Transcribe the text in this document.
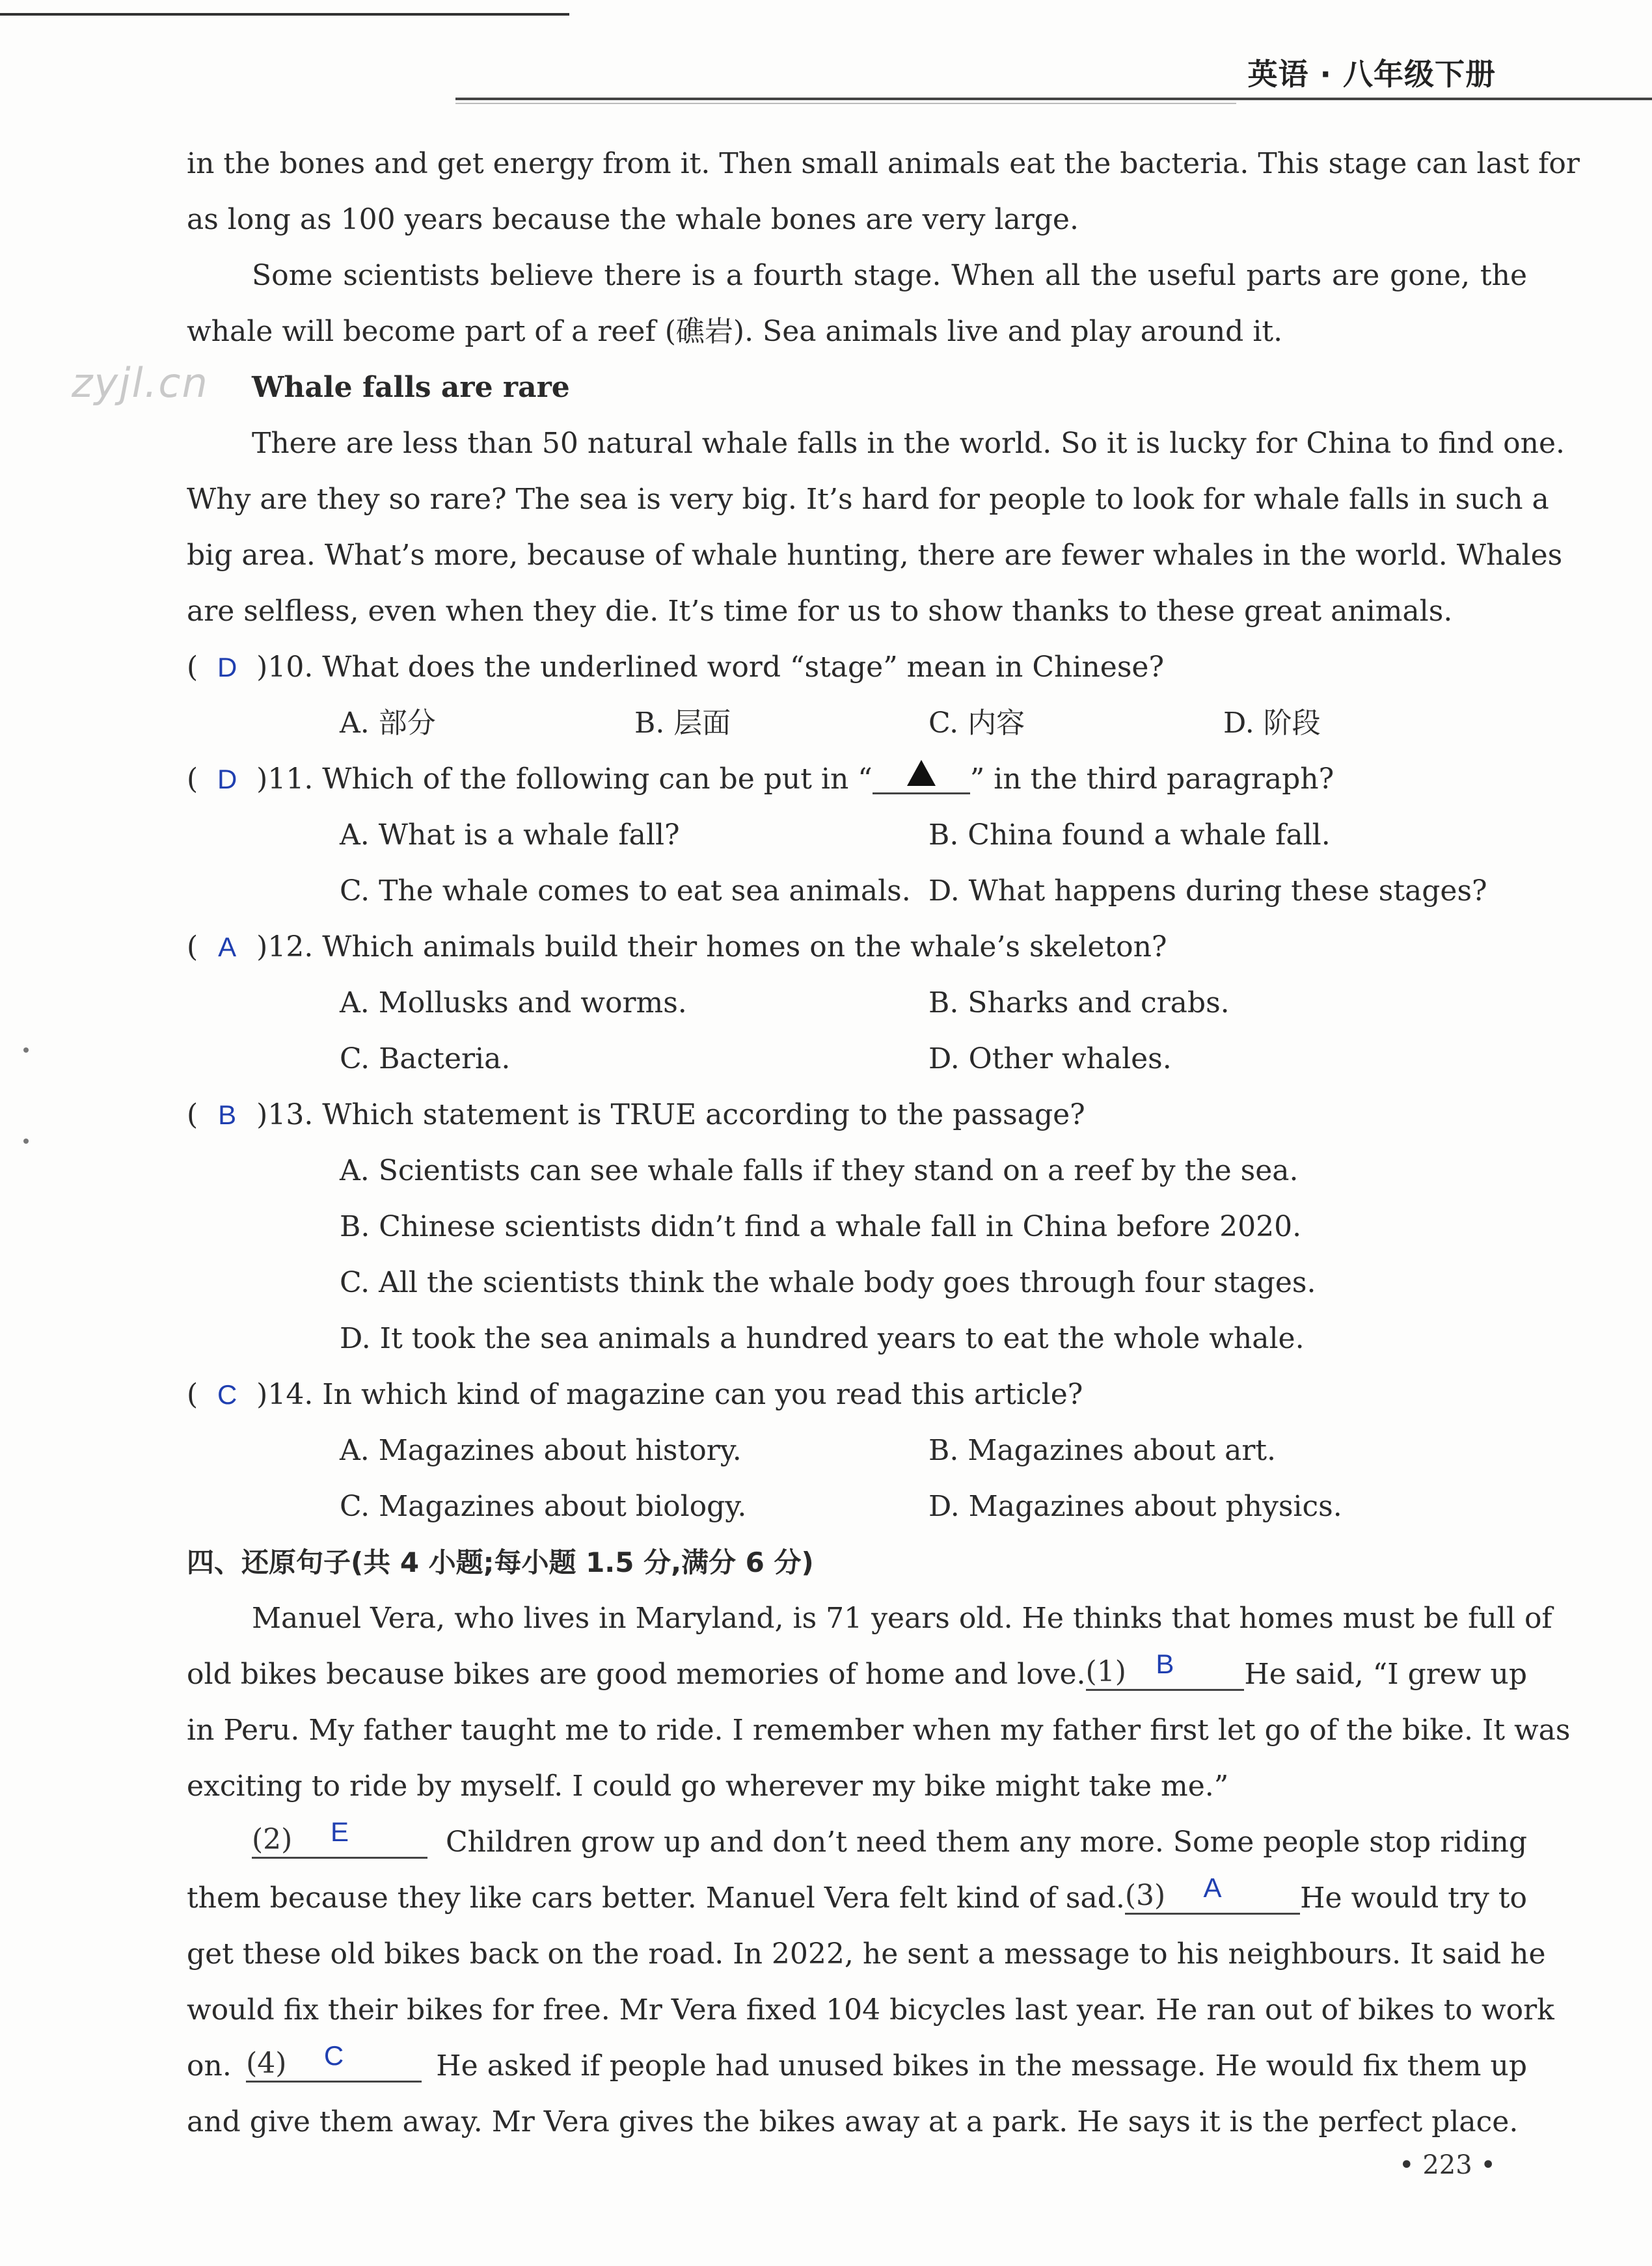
英语 · 八年级下册
zyjl.cn
in the bones and get energy from it. Then small animals eat the bacteria. This stage can last for
as long as 100 years because the whale bones are very large.
Some scientists believe there is a fourth stage. When all the useful parts are gone, the
whale will become part of a reef (礁岩). Sea animals live and play around it.
Whale falls are rare
There are less than 50 natural whale falls in the world. So it is lucky for China to find one.
Why are they so rare? The sea is very big. It’s hard for people to look for whale falls in such a
big area. What’s more, because of whale hunting, there are fewer whales in the world. Whales
are selfless, even when they die. It’s time for us to show thanks to these great animals.
( D )10. What does the underlined word “stage” mean in Chinese?
A. 部分	B. 层面	C. 内容	D. 阶段
( D )11. Which of the following can be put in “	” in the third paragraph?
A. What is a whale fall?	B. China found a whale fall.
C. The whale comes to eat sea animals. D. What happens during these stages?
( A )12. Which animals build their homes on the whale’s skeleton?
A. Mollusks and worms.	B. Sharks and crabs.
C. Bacteria.	D. Other whales.
( B )13. Which statement is TRUE according to the passage?
A. Scientists can see whale falls if they stand on a reef by the sea.
B. Chinese scientists didn’t find a whale fall in China before 2020.
C. All the scientists think the whale body goes through four stages.
D. It took the sea animals a hundred years to eat the whole whale.
( C )14. In which kind of magazine can you read this article?
A. Magazines about history.	B. Magazines about art.
C. Magazines about biology.	D. Magazines about physics.
四、还原句子(共 4 小题;每小题 1.5 分,满分 6 分)
Manuel Vera, who lives in Maryland, is 71 years old. He thinks that homes must be full of
old bikes because bikes are good memories of home and love. (1)	B	He said, “I grew up
in Peru. My father taught me to ride. I remember when my father first let go of the bike. It was
exciting to ride by myself. I could go wherever my bike might take me.”
(2)	E	Children grow up and don’t need them any more. Some people stop riding
them because they like cars better. Manuel Vera felt kind of sad. (3)	A	He would try to
get these old bikes back on the road. In 2022, he sent a message to his neighbours. It said he
would fix their bikes for free. Mr Vera fixed 104 bicycles last year. He ran out of bikes to work
on. (4)	C	He asked if people had unused bikes in the message. He would fix them up
and give them away. Mr Vera gives the bikes away at a park. He says it is the perfect place.
• 223 •
